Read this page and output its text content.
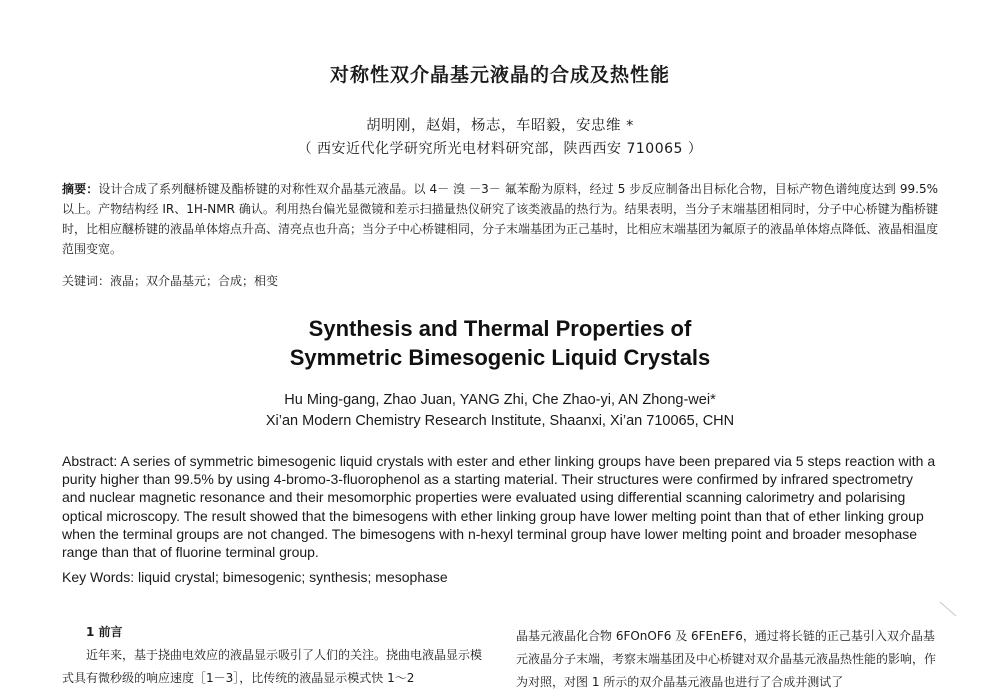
对称性双介晶基元液晶的合成及热性能
胡明刚，赵娟，杨志，车昭毅，安忠维 *
（ 西安近代化学研究所光电材料研究部，陕西西安 710065 ）
摘要：设计合成了系列醚桥键及酯桥键的对称性双介晶基元液晶。以 4－ 溴 －3－ 氟苯酚为原料，经过 5 步反应制备出目标化合物，目标产物色谱纯度达到 99.5% 以上。产物结构经 IR、1H-NMR 确认。利用热台偏光显微镜和差示扫描量热仪研究了该类液晶的热行为。结果表明，当分子末端基团相同时，分子中心桥键为酯桥键时，比相应醚桥键的液晶单体熔点升高、清亮点也升高；当分子中心桥键相同，分子末端基团为正己基时，比相应末端基团为氟原子的液晶单体熔点降低、液晶相温度范围变宽。
关键词：液晶；双介晶基元；合成；相变
Synthesis and Thermal Properties of
Symmetric Bimesogenic Liquid Crystals
Hu Ming-gang, Zhao Juan, YANG Zhi, Che Zhao-yi, AN Zhong-wei*
Xi’an Modern Chemistry Research Institute, Shaanxi, Xi’an 710065, CHN
Abstract: A series of symmetric bimesogenic liquid crystals with ester and ether linking groups have been prepared via 5 steps reaction with a purity higher than 99.5% by using 4-bromo-3-fluorophenol as a starting material. Their structures were confirmed by infrared spectrometry and nuclear magnetic resonance and their mesomorphic properties were evaluated using differential scanning calorimetry and polarising optical microscopy. The result showed that the bimesogens with ether linking group have lower melting point than that of ether linking group when the terminal groups are not changed. The bimesogens with n-hexyl terminal group have lower melting point and broader mesophase range than that of fluorine terminal group.
Key Words: liquid crystal; bimesogenic; synthesis; mesophase
1 前言
近年来，基于挠曲电效应的液晶显示吸引了人们的关注。挠曲电液晶显示模式具有微秒级的响应速度［1－3］，比传统的液晶显示模式快 1～2
晶基元液晶化合物 6FOnOF6 及 6FEnEF6，通过将长链的正己基引入双介晶基元液晶分子末端，考察末端基团及中心桥键对双介晶基元液晶热性能的影响，作为对照，对图 1 所示的双介晶基元液晶也进行了合成并测试了
